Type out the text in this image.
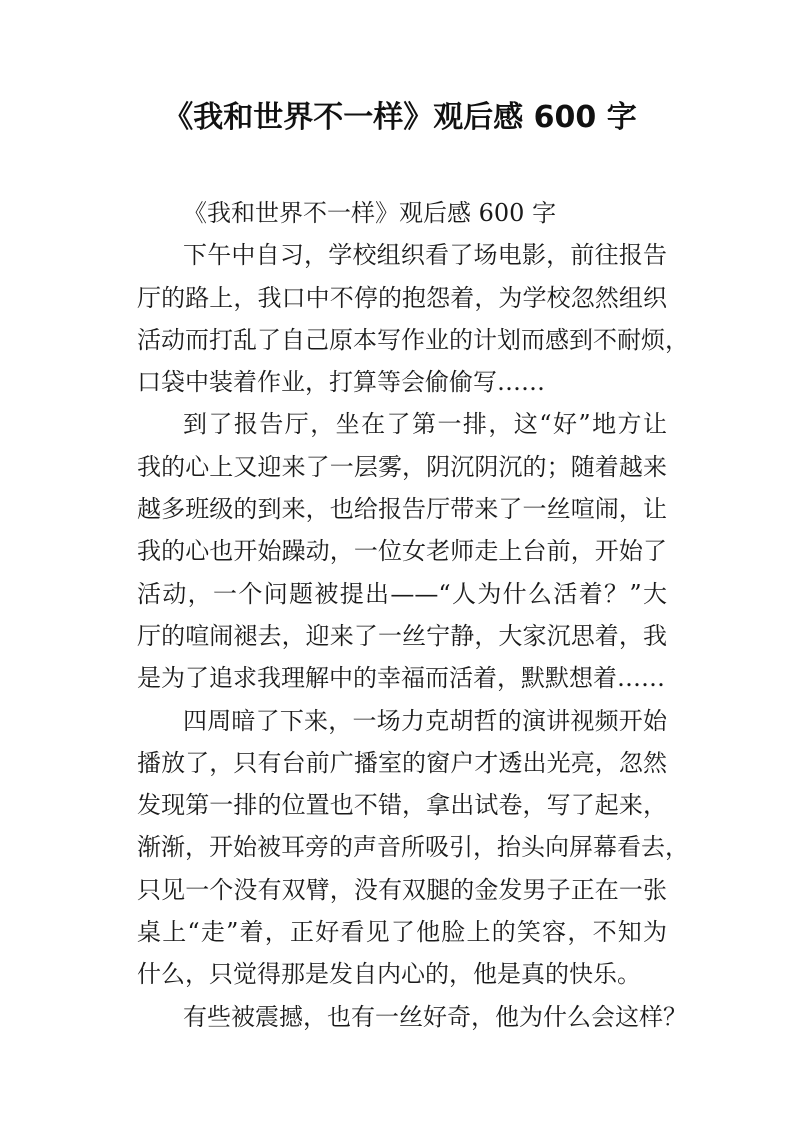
《我和世界不一样》观后感 600 字
《我和世界不一样》观后感 600 字
下午中自习，学校组织看了场电影，前往报告
厅的路上，我口中不停的抱怨着，为学校忽然组织
活动而打乱了自己原本写作业的计划而感到不耐烦，
口袋中装着作业，打算等会偷偷写……
到了报告厅，坐在了第一排，这“好”地方让
我的心上又迎来了一层雾，阴沉阴沉的；随着越来
越多班级的到来，也给报告厅带来了一丝喧闹，让
我的心也开始躁动，一位女老师走上台前，开始了
活动，一个问题被提出——“人为什么活着？”大
厅的喧闹褪去，迎来了一丝宁静，大家沉思着，我
是为了追求我理解中的幸福而活着，默默想着……
四周暗了下来，一场力克胡哲的演讲视频开始
播放了，只有台前广播室的窗户才透出光亮，忽然
发现第一排的位置也不错，拿出试卷，写了起来，
渐渐，开始被耳旁的声音所吸引，抬头向屏幕看去，
只见一个没有双臂，没有双腿的金发男子正在一张
桌上“走”着，正好看见了他脸上的笑容，不知为
什么，只觉得那是发自内心的，他是真的快乐。
有些被震撼，也有一丝好奇，他为什么会这样？
